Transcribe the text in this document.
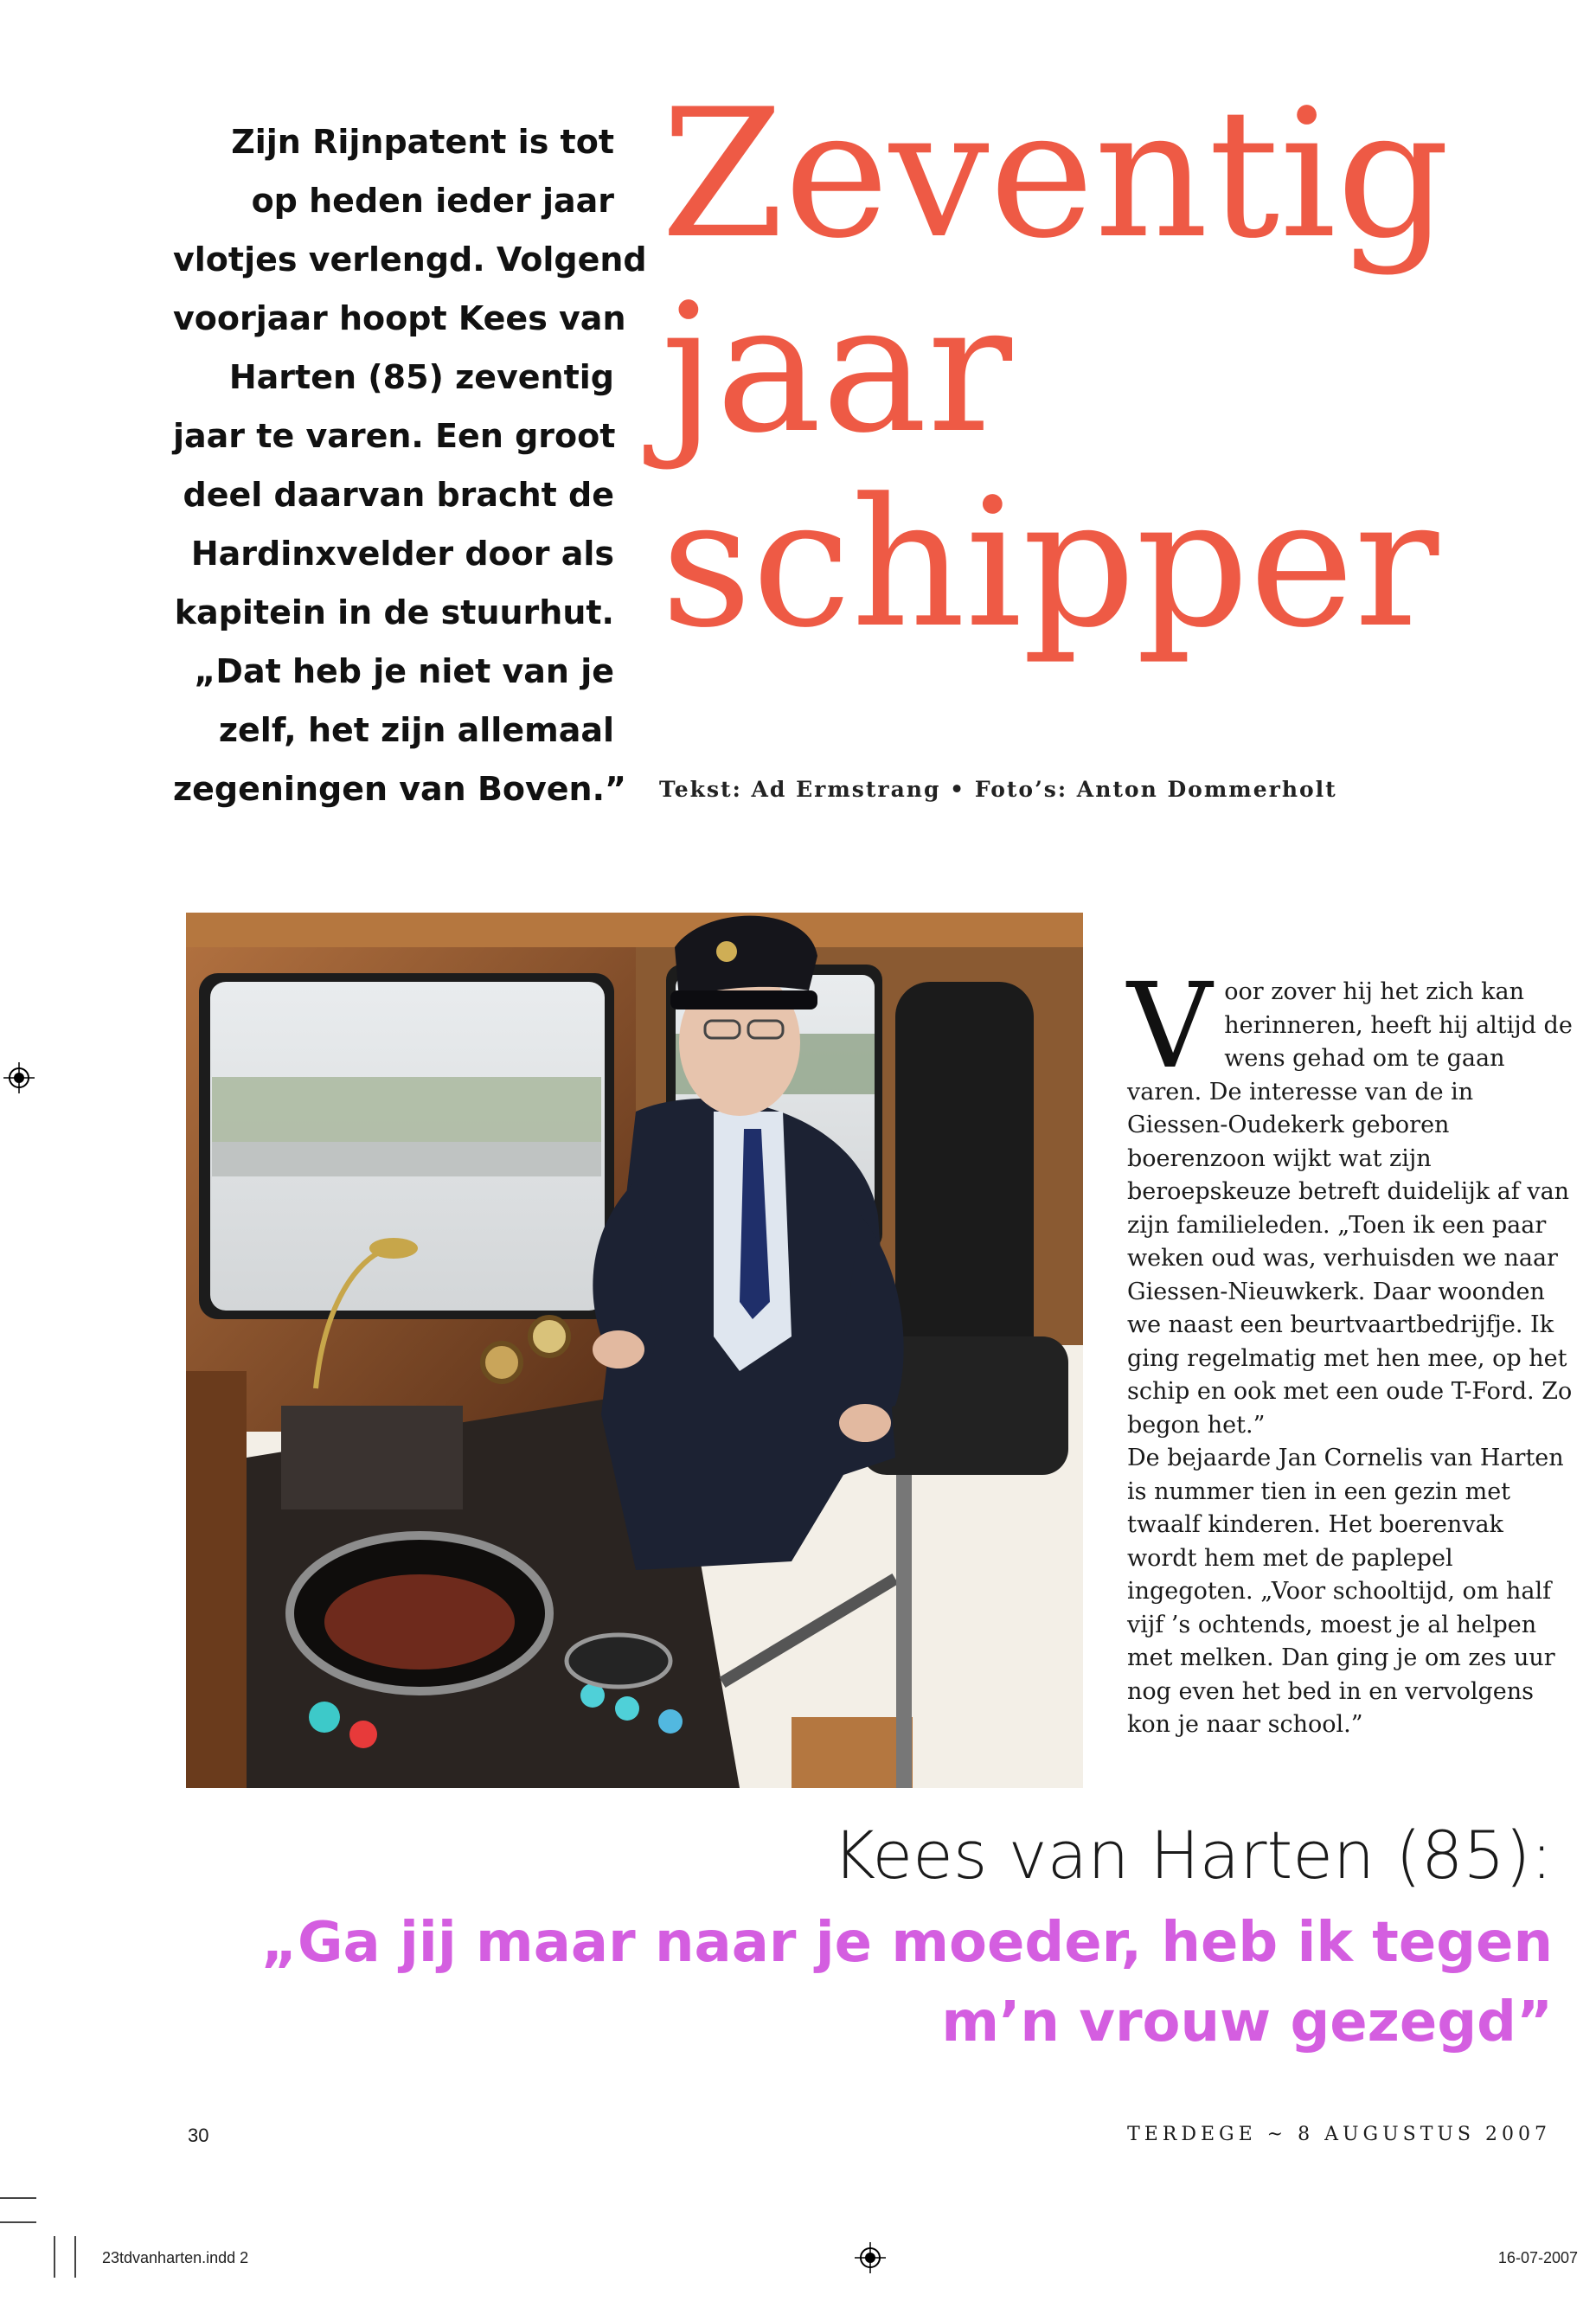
Zijn Rijnpatent is tot
op heden ieder jaar
vlotjes verlengd. Volgend
voorjaar hoopt Kees van
Harten (85) zeventig
jaar te varen. Een groot
deel daarvan bracht de
Hardinxvelder door als
kapitein in de stuurhut.
„Dat heb je niet van je
zelf, het zijn allemaal
zegeningen van Boven.”
Zeventig
jaar
schipper
Tekst: Ad Ermstrang • Foto’s: Anton Dommerholt

Voor zover hij het zich kan herinneren, heeft hij altijd de wens gehad om te gaan varen. De interesse van de in Giessen-Oudekerk geboren boerenzoon wijkt wat zijn beroepskeuze betreft duidelijk af van zijn familieleden. „Toen ik een paar weken oud was, verhuisden we naar Giessen-Nieuwkerk. Daar woonden we naast een beurtvaartbedrijfje. Ik ging regelmatig met hen mee, op het schip en ook met een oude T-Ford. Zo begon het.”

De bejaarde Jan Cornelis van Harten is nummer tien in een gezin met twaalf kinderen. Het boerenvak wordt hem met de paplepel ingegoten. „Voor schooltijd, om half vijf ’s ochtends, moest je al helpen met melken. Dan ging je om zes uur nog even het bed in en vervolgens kon je naar school.”

Kees van Harten (85):
„Ga jij maar naar je moeder, heb ik tegen
m’n vrouw gezegd”
30	TERDEGE ~ 8 AUGUSTUS 2007
23tdvanharten.indd 2	16-07-2007
